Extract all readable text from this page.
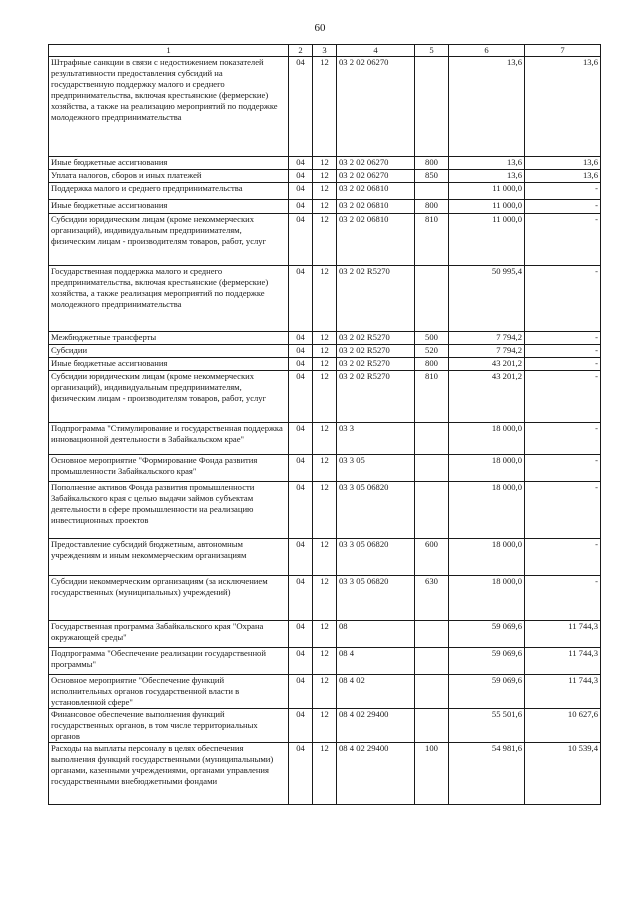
60
1	2	3	4	5	6	7
Штрафные санкции в связи с недостижением показателей результативности предоставления субсидий на государственную поддержку малого и среднего предпринимательства, включая крестьянские (фермерские) хозяйства, а также на реализацию мероприятий по поддержке молодежного предпринимательства	04	12	03 2 02 06270		13,6	13,6
Иные бюджетные ассигнования	04	12	03 2 02 06270	800	13,6	13,6
Уплата налогов, сборов и иных платежей	04	12	03 2 02 06270	850	13,6	13,6
Поддержка малого и среднего предпринимательства	04	12	03 2 02 06810		11 000,0	-
Иные бюджетные ассигнования	04	12	03 2 02 06810	800	11 000,0	-
Субсидии юридическим лицам (кроме некоммерческих организаций), индивидуальным предпринимателям, физическим лицам - производителям товаров, работ, услуг	04	12	03 2 02 06810	810	11 000,0	-
Государственная поддержка малого и среднего предпринимательства, включая крестьянские (фермерские) хозяйства, а также реализация мероприятий по поддержке молодежного предпринимательства	04	12	03 2 02 R5270		50 995,4	-
Межбюджетные трансферты	04	12	03 2 02 R5270	500	7 794,2	-
Субсидии	04	12	03 2 02 R5270	520	7 794,2	-
Иные бюджетные ассигнования	04	12	03 2 02 R5270	800	43 201,2	-
Субсидии юридическим лицам (кроме некоммерческих организаций), индивидуальным предпринимателям, физическим лицам - производителям товаров, работ, услуг	04	12	03 2 02 R5270	810	43 201,2	-
Подпрограмма "Стимулирование и государственная поддержка инновационной деятельности в Забайкальском крае"	04	12	03 3		18 000,0	-
Основное мероприятие "Формирование Фонда развития промышленности Забайкальского края"	04	12	03 3 05		18 000,0	-
Пополнение активов Фонда развития промышленности Забайкальского края с целью выдачи займов субъектам деятельности в сфере промышленности на реализацию инвестиционных проектов	04	12	03 3 05 06820		18 000,0	-
Предоставление субсидий бюджетным, автономным учреждениям и иным некоммерческим организациям	04	12	03 3 05 06820	600	18 000,0	-
Субсидии некоммерческим организациям (за исключением государственных (муниципальных) учреждений)	04	12	03 3 05 06820	630	18 000,0	-
Государственная программа Забайкальского края "Охрана окружающей среды"	04	12	08		59 069,6	11 744,3
Подпрограмма "Обеспечение реализации государственной программы"	04	12	08 4		59 069,6	11 744,3
Основное мероприятие "Обеспечение функций исполнительных органов государственной власти в установленной сфере"	04	12	08 4 02		59 069,6	11 744,3
Финансовое обеспечение выполнения функций государственных органов, в том числе территориальных органов	04	12	08 4 02 29400		55 501,6	10 627,6
Расходы на выплаты персоналу в целях обеспечения выполнения функций государственными (муниципальными) органами, казенными учреждениями, органами управления государственными внебюджетными фондами	04	12	08 4 02 29400	100	54 981,6	10 539,4
